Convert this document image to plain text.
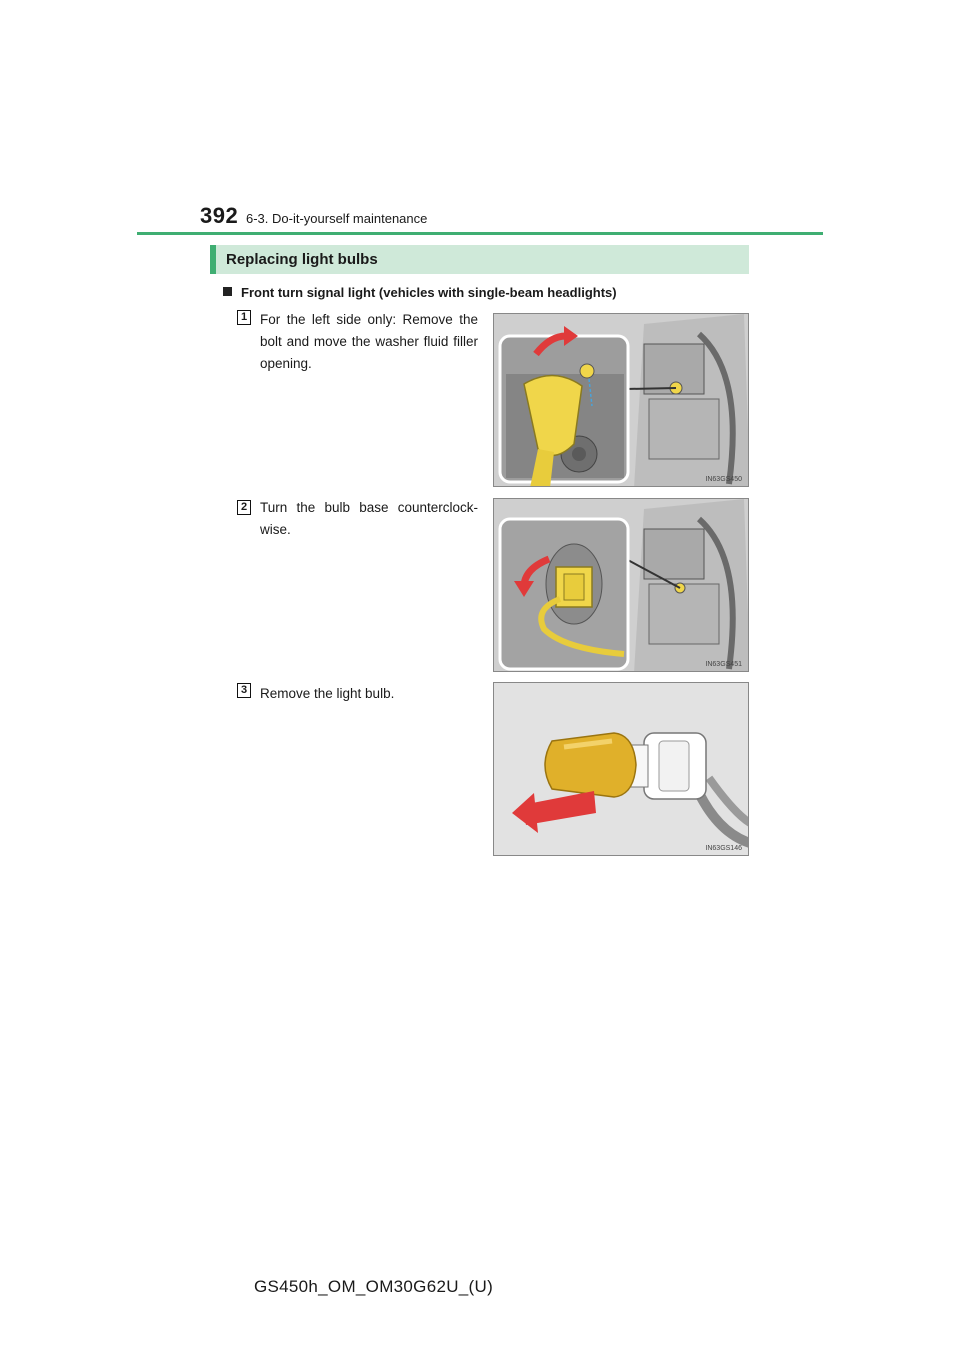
392 6-3. Do-it-yourself maintenance
Replacing light bulbs
Front turn signal light (vehicles with single-beam headlights)
1 For the left side only: Remove the bolt and move the washer fluid filler opening.
IN63GS450
2 Turn the bulb base counterclock-wise.
IN63GS451
3 Remove the light bulb.
IN63GS146
GS450h_OM_OM30G62U_(U)
